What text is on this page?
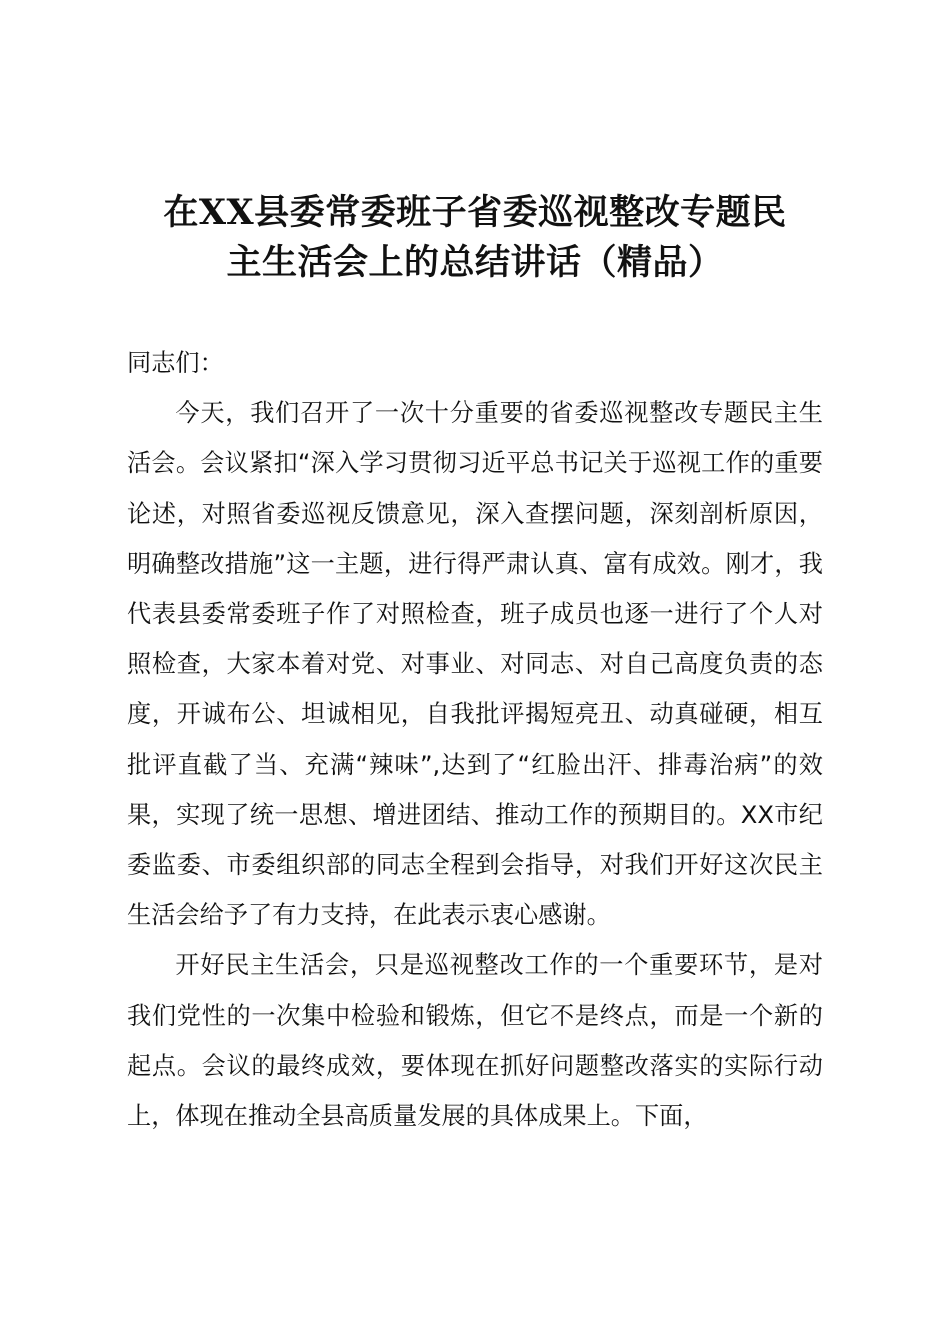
在XX县委常委班子省委巡视整改专题民
主生活会上的总结讲话（精品）

同志们：

今天，我们召开了一次十分重要的省委巡视整改专题民主生活会。会议紧扣“深入学习贯彻习近平总书记关于巡视工作的重要论述，对照省委巡视反馈意见，深入查摆问题，深刻剖析原因，明确整改措施”这一主题，进行得严肃认真、富有成效。刚才，我代表县委常委班子作了对照检查，班子成员也逐一进行了个人对照检查，大家本着对党、对事业、对同志、对自己高度负责的态度，开诚布公、坦诚相见，自我批评揭短亮丑、动真碰硬，相互批评直截了当、充满“辣味”,达到了“红脸出汗、排毒治病”的效果，实现了统一思想、增进团结、推动工作的预期目的。XX市纪委监委、市委组织部的同志全程到会指导，对我们开好这次民主生活会给予了有力支持，在此表示衷心感谢。

开好民主生活会，只是巡视整改工作的一个重要环节，是对我们党性的一次集中检验和锻炼，但它不是终点，而是一个新的起点。会议的最终成效，要体现在抓好问题整改落实的实际行动上，体现在推动全县高质量发展的具体成果上。下面，
